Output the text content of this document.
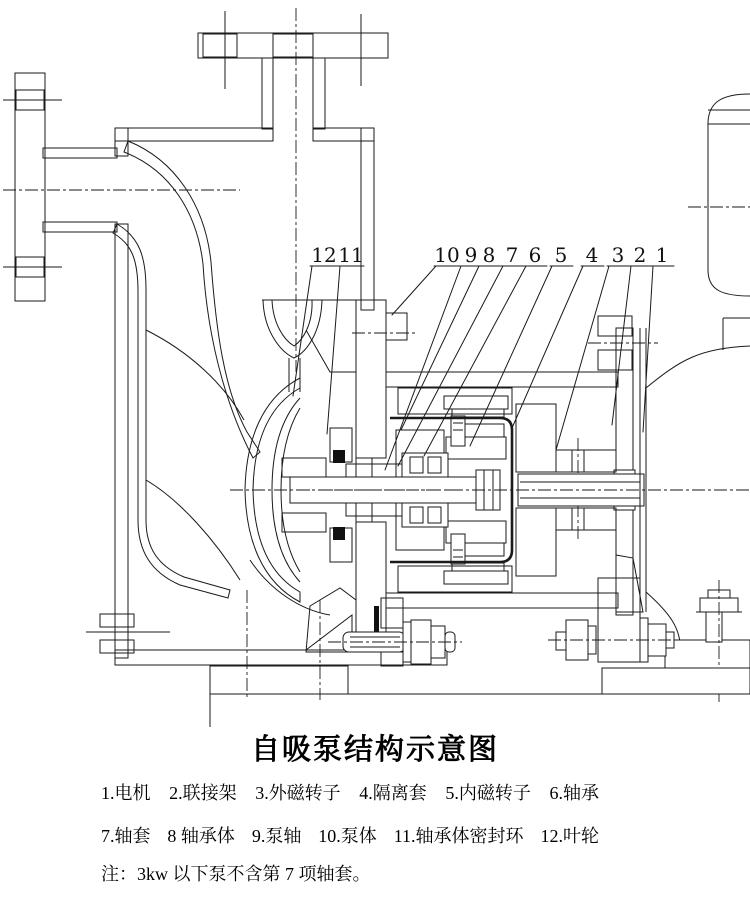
12 11	10 9 8 7 6 5 4 3 2 1
自吸泵结构示意图
1.电机 2.联接架 3.外磁转子 4.隔离套 5.内磁转子 6.轴承
7.轴套 8 轴承体 9.泵轴 10.泵体 11.轴承体密封环 12.叶轮
注：3kw 以下泵不含第 7 项轴套。
